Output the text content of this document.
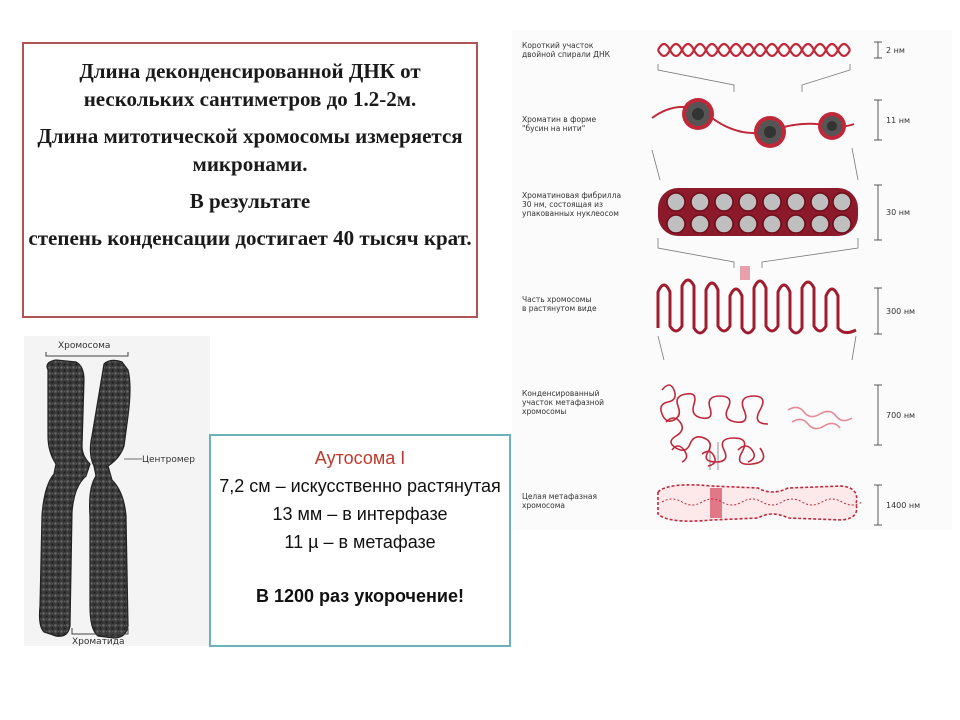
Длина деконденсированной ДНК от нескольких сантиметров до 1.2-2м.

Длина митотической хромосомы измеряется микронами.

В результате

степень конденсации достигает 40 тысяч крат.

Хромосома
Центромер
Хроматида
Аутосома I
7,2 см – искусственно растянутая
13 мм – в интерфазе
11 µ – в метафазе
В 1200 раз укорочение!
Короткий участок
двойной спирали ДНК
Хроматин в форме
"бусин на нити"
Хроматиновая фибрилла
30 нм, состоящая из
упакованных нуклеосом
Часть хромосомы
в растянутом виде
Конденсированный
участок метафазной
хромосомы
Целая метафазная
хромосома
2 нм
11 нм
30 нм
300 нм
700 нм
1400 нм
